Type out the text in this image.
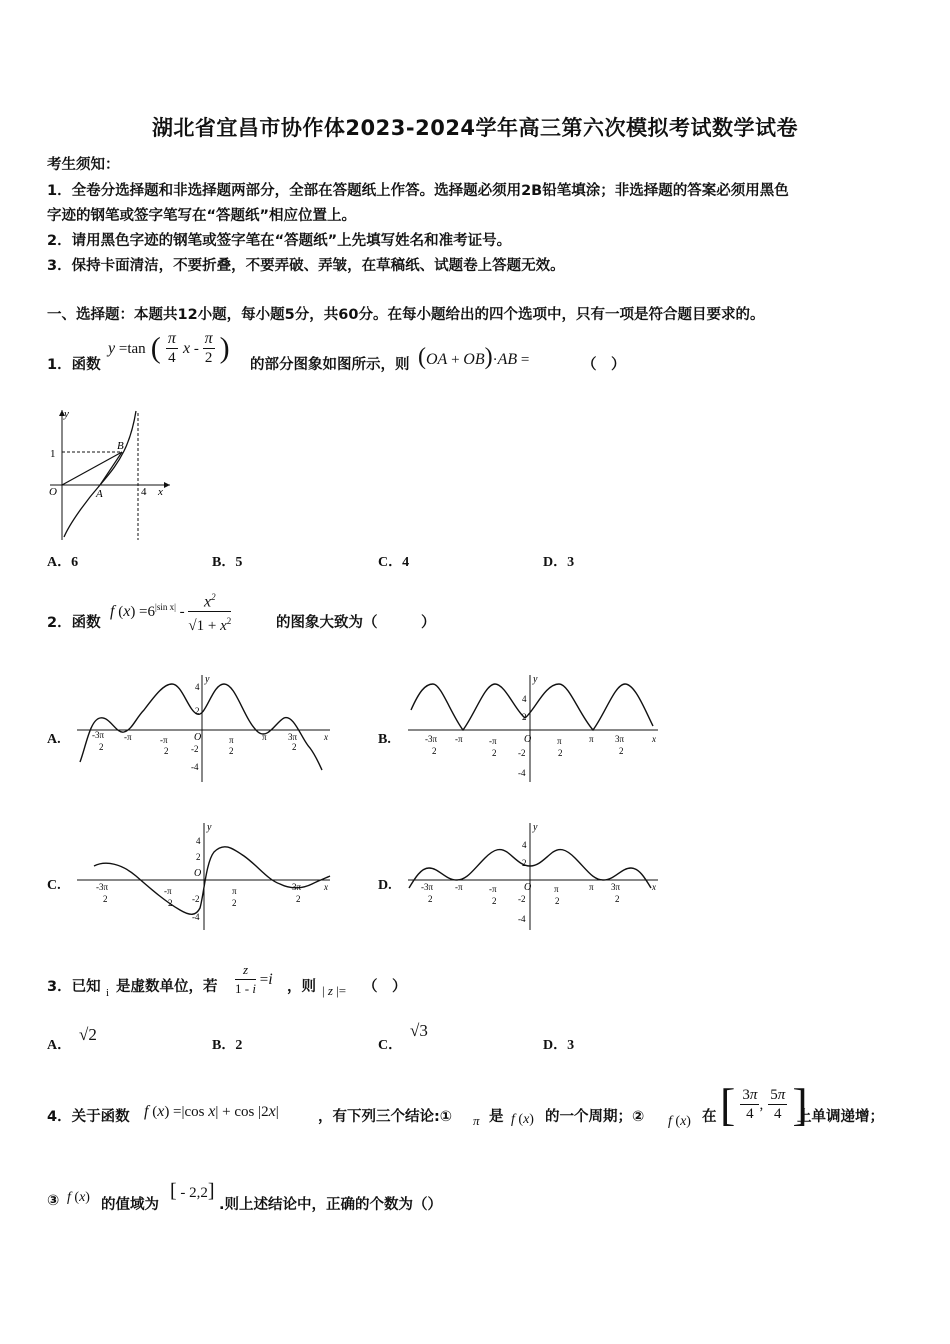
湖北省宜昌市协作体2023-2024学年高三第六次模拟考试数学试卷
考生须知：
1．全卷分选择题和非选择题两部分，全部在答题纸上作答。选择题必须用2B铅笔填涂；非选择题的答案必须用黑色
字迹的钢笔或签字笔写在“答题纸”相应位置上。
2．请用黑色字迹的钢笔或签字笔在“答题纸”上先填写姓名和准考证号。
3．保持卡面清洁，不要折叠，不要弄破、弄皱，在草稿纸、试题卷上答题无效。
一、选择题：本题共12小题，每小题5分，共60分。在每小题给出的四个选项中，只有一项是符合题目要求的。
1．函数
y =tan ( $\frac{\pi}{4}$ x - $\frac{\pi}{2}$ )
的部分图象如图所示，则 (OA + OB)·AB =	（　）
y
x
1
4
O	A
B
A．6	B．5	C．4	D．3
2．函数
f $(x) =6^{|sin x|} - \frac{x^2}{√1 + x^2}$	的图象大致为（　　　）
A.	B.
C.	D.
y
x
O
4
2
-2
-4
-3π
2
-π	-π
2
π
2
π 3π
2
y
x
O
4
2
-2
-4
-3π
2
-π	-π
2
π
2
π 3π
2
y
x
O
4
2
-2
-4
-3π
2
-π
2
π
2
3π
2
y
x
O
4
2
-2
-4
-3π
2
-π	-π
2
π
2
π 3π
2
3．已知 i 是虚数单位，若 $\frac{z}{1 - i} =i$ ，则 | z |= （　）
A．
√2
B．2	C．
√3
D．3
4．关于函数 f (x) =|cos x| + cos |2x|	，有下列三个结论:① π 是 f (x) 的一个周期；② f (x) 在 [ $\frac{3\pi}{4}$ , $\frac{5\pi}{4}$ ]
上单调递增；
③ f (x) 的值域为
[ - 2,2]
.则上述结论中，正确的个数为（）
